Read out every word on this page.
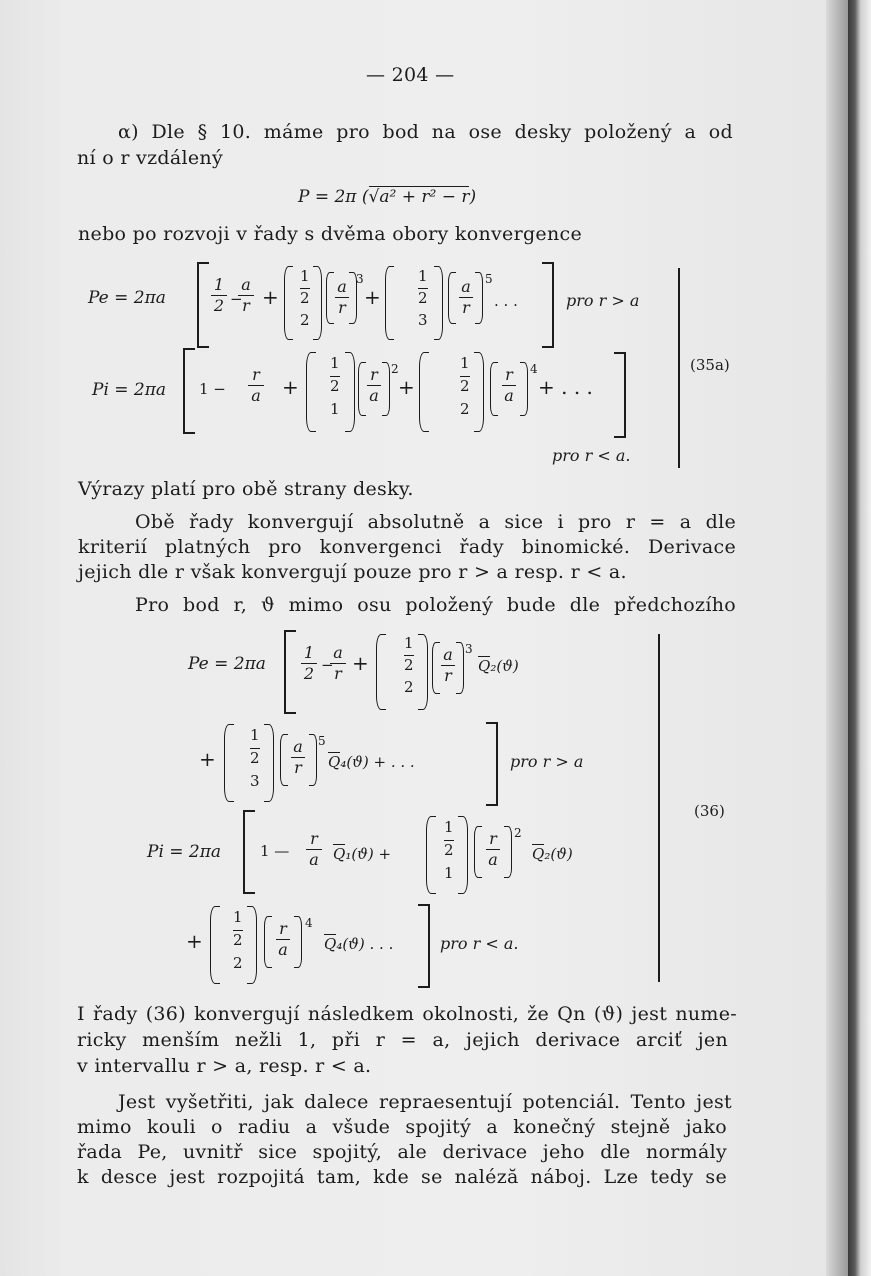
— 204 —
α) Dle § 10. máme pro bod na ose desky položený a od
ní o r vzdálený
P = 2π (√a² + r² − r)
nebo po rozvoji v řady s dvěma obory konvergence
Pe = 2πa
1
2 −
a
r +
1
2
2
a
r
3
+
1
2
3
a
r
5
. . .	pro r > a
Pi = 2πa 1 −
r
a +
1
2
1
r
a
2
+
1
2
2
r
a
4
+ . . .
pro r < a.
(35a)
Výrazy platí pro obě strany desky.
Obě řady konvergují absolutně a sice i pro r = a dle
kriterií platných pro konvergenci řady binomické. Derivace
jejich dle r však konvergují pouze pro r > a resp. r < a.
Pro bod r, ϑ mimo osu položený bude dle předchozího
Pe = 2πa
1
2 −
a
r +
1
2
2
a
r
3
Q₂(ϑ)
+
1
2
3
a
r
5
Q₄(ϑ) + . . .	pro r > a
Pi = 2πa	1 —
r
a Q₁(ϑ) +
1
2
1
r
a
2
Q₂(ϑ)
+
1
2
2
r
a
4
Q₄(ϑ) . . .	pro r < a.
(36)
I řady (36) konvergují následkem okolnosti, že Qn (ϑ) jest nume-
ricky menším nežli 1, při r = a, jejich derivace arciť jen
v intervallu r > a, resp. r < a.
Jest vyšetřiti, jak dalece repraesentují potenciál. Tento jest
mimo kouli o radiu a všude spojitý a konečný stejně jako
řada Pe, uvnitř sice spojitý, ale derivace jeho dle normály
k desce jest rozpojitá tam, kde se naléză náboj. Lze tedy se
